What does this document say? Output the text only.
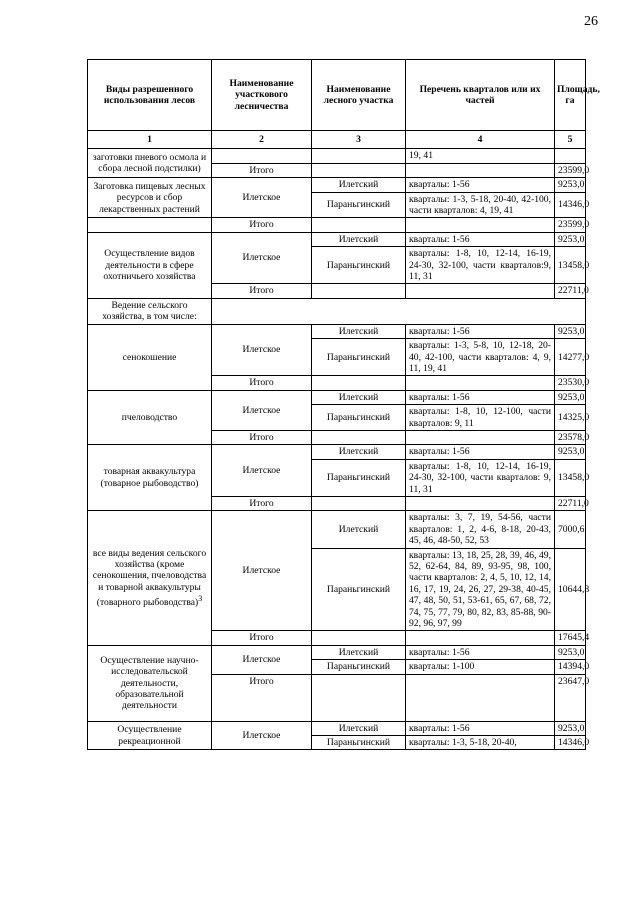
26
Виды разрешенного использования лесов	Наименование участкового лесничества	Наименование лесного участка	Перечень кварталов или их частей	Площадь, га
1	2	3	4	5
заготовки пневого осмола и сбора лесной подстилки)			19, 41	
	Итого			23599,0
Заготовка пищевых лесных ресурсов и сбор лекарственных растений	Илетское	Илетский	кварталы: 1-56	9253,0
		Параньгинский	кварталы: 1-3, 5-18, 20-40, 42-100, части кварталов: 4, 19, 41	14346,0
	Итого			23599,0
Осуществление видов деятельности в сфере охотничьего хозяйства	Илетское	Илетский	кварталы: 1-56	9253,0
		Параньгинский	кварталы: 1-8, 10, 12-14, 16-19, 24-30, 32-100, части кварталов:9, 11, 31	13458,0
	Итого			22711,0
Ведение сельского хозяйства, в том числе:				
сенокошение	Илетское	Илетский	кварталы: 1-56	9253,0
		Параньгинский	кварталы: 1-3, 5-8, 10, 12-18, 20-40, 42-100, части кварталов: 4, 9, 11, 19, 41	14277,0
	Итого			23530,0
пчеловодство	Илетское	Илетский	кварталы: 1-56	9253,0
		Параньгинский	кварталы: 1-8, 10, 12-100, части кварталов: 9, 11	14325,0
	Итого			23578,0
товарная аквакультура (товарное рыбоводство)	Илетское	Илетский	кварталы: 1-56	9253,0
		Параньгинский	кварталы: 1-8, 10, 12-14, 16-19, 24-30, 32-100, части кварталов: 9, 11, 31	13458,0
	Итого			22711,0
все виды ведения сельского хозяйства (кроме сенокошения, пчеловодства и товарной аквакультуры (товарного рыбоводства)$^3$	Илетское	Илетский	кварталы: 3, 7, 19, 54-56, части кварталов: 1, 2, 4-6, 8-18, 20-43, 45, 46, 48-50, 52, 53	7000,6
		Параньгинский	кварталы: 13, 18, 25, 28, 39, 46, 49, 52, 62-64, 84, 89, 93-95, 98, 100, части кварталов: 2, 4, 5, 10, 12, 14, 16, 17, 19, 24, 26, 27, 29-38, 40-45, 47, 48, 50, 51, 53-61, 65, 67, 68, 72, 74, 75, 77, 79, 80, 82, 83, 85-88, 90-92, 96, 97, 99	10644,8
	Итого			17645,4
Осуществление научно-исследовательской деятельности, образовательной деятельности	Илетское	Илетский	кварталы: 1-56	9253,0
		Параньгинский	кварталы: 1-100	14394,0
	Итого			23647,0
Осуществление рекреационной	Илетское	Илетский	кварталы: 1-56	9253,0
		Параньгинский	кварталы: 1-3, 5-18, 20-40,	14346,0
